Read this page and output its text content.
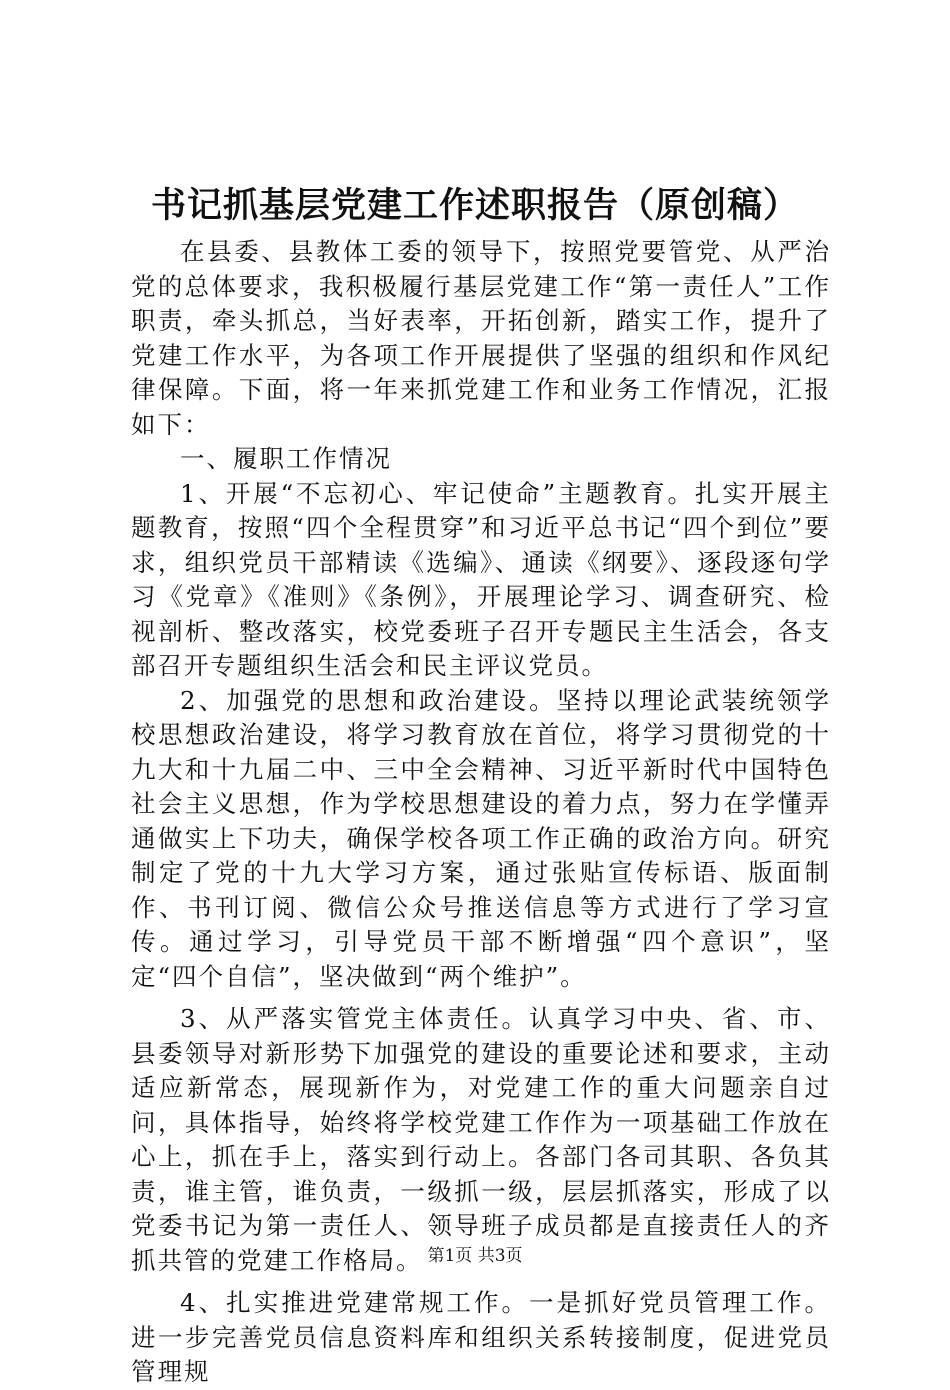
书记抓基层党建工作述职报告（原创稿）

在县委、县教体工委的领导下，按照党要管党、从严治党的总体要求，我积极履行基层党建工作“第一责任人”工作职责，牵头抓总，当好表率，开拓创新，踏实工作，提升了党建工作水平，为各项工作开展提供了坚强的组织和作风纪律保障。下面，将一年来抓党建工作和业务工作情况，汇报如下：

一、履职工作情况

1、开展“不忘初心、牢记使命”主题教育。扎实开展主题教育，按照“四个全程贯穿”和习近平总书记“四个到位”要求，组织党员干部精读《选编》、通读《纲要》、逐段逐句学习《党章》《准则》《条例》，开展理论学习、调查研究、检视剖析、整改落实，校党委班子召开专题民主生活会，各支部召开专题组织生活会和民主评议党员。

2、加强党的思想和政治建设。坚持以理论武装统领学校思想政治建设，将学习教育放在首位，将学习贯彻党的十九大和十九届二中、三中全会精神、习近平新时代中国特色社会主义思想，作为学校思想建设的着力点，努力在学懂弄通做实上下功夫，确保学校各项工作正确的政治方向。研究制定了党的十九大学习方案，通过张贴宣传标语、版面制作、书刊订阅、微信公众号推送信息等方式进行了学习宣传。通过学习，引导党员干部不断增强“四个意识”，坚定“四个自信”，坚决做到“两个维护”。

3、从严落实管党主体责任。认真学习中央、省、市、县委领导对新形势下加强党的建设的重要论述和要求，主动适应新常态，展现新作为，对党建工作的重大问题亲自过问，具体指导，始终将学校党建工作作为一项基础工作放在心上，抓在手上，落实到行动上。各部门各司其职、各负其责，谁主管，谁负责，一级抓一级，层层抓落实，形成了以党委书记为第一责任人、领导班子成员都是直接责任人的齐抓共管的党建工作格局。

4、扎实推进党建常规工作。一是抓好党员管理工作。进一步完善党员信息资料库和组织关系转接制度，促进党员管理规

第1页 共3页
